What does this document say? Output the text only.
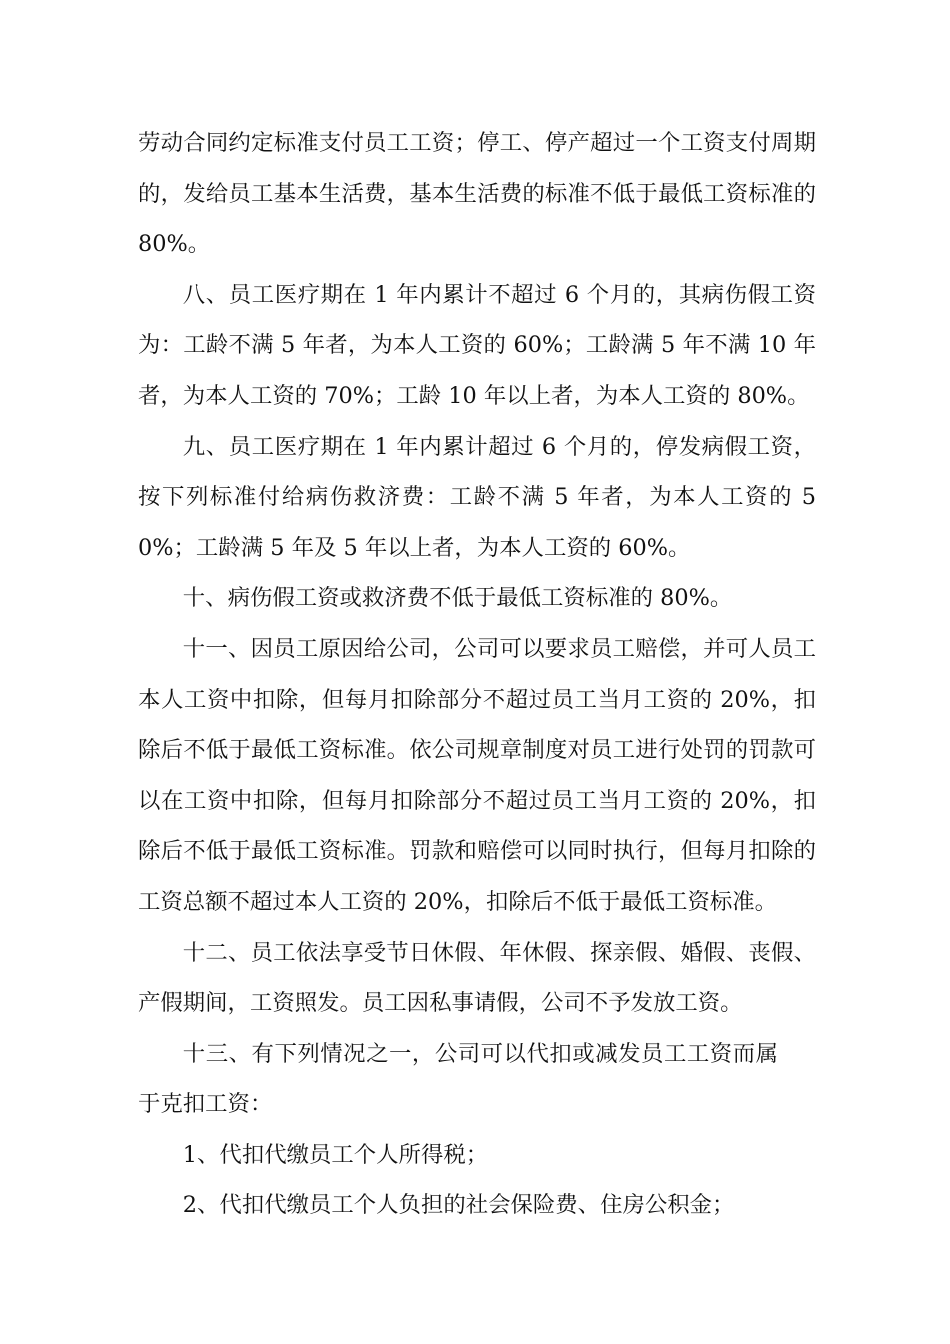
劳动合同约定标准支付员工工资；停工、停产超过一个工资支付周期的，发给员工基本生活费，基本生活费的标准不低于最低工资标准的80%。

八、员工医疗期在 1 年内累计不超过 6 个月的，其病伤假工资为：工龄不满 5 年者，为本人工资的 60%；工龄满 5 年不满 10 年者，为本人工资的 70%；工龄 10 年以上者，为本人工资的 80%。

九、员工医疗期在 1 年内累计超过 6 个月的，停发病假工资，按下列标准付给病伤救济费：工龄不满 5 年者，为本人工资的 50%；工龄满 5 年及 5 年以上者，为本人工资的 60%。

十、病伤假工资或救济费不低于最低工资标准的 80%。

十一、因员工原因给公司，公司可以要求员工赔偿，并可人员工本人工资中扣除，但每月扣除部分不超过员工当月工资的 20%，扣除后不低于最低工资标准。依公司规章制度对员工进行处罚的罚款可以在工资中扣除，但每月扣除部分不超过员工当月工资的 20%，扣除后不低于最低工资标准。罚款和赔偿可以同时执行，但每月扣除的工资总额不超过本人工资的 20%，扣除后不低于最低工资标准。

十二、员工依法享受节日休假、年休假、探亲假、婚假、丧假、产假期间，工资照发。员工因私事请假，公司不予发放工资。

十三、有下列情况之一，公司可以代扣或减发员工工资而属于克扣工资：

1、代扣代缴员工个人所得税；

2、代扣代缴员工个人负担的社会保险费、住房公积金；
